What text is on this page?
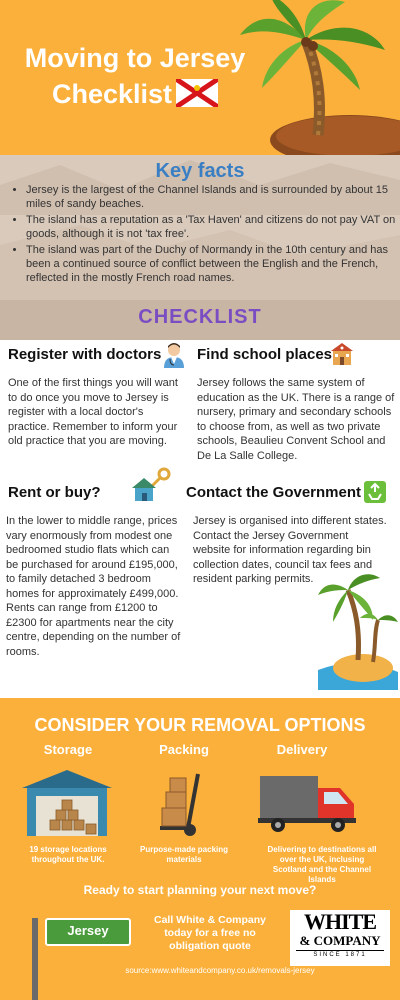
Moving to Jersey
Checklist
• Jersey is the largest of the Channel Islands and is surrounded by about 15 miles of sandy beaches.
• The island has a reputation as a 'Tax Haven' and citizens do not pay VAT on goods, although it is not 'tax free'.
• The island was part of the Duchy of Normandy in the 10th century and has been a continued source of conflict between the English and the French, reflected in the mostly French road names.
Key facts
CHECKLIST
Register with doctors
One of the first things you will want to do once you move to Jersey is register with a local doctor's practice. Remember to inform your old practice that you are moving.
Find school places
Jersey follows the same system of education as the UK. There is a range of nursery, primary and secondary schools to choose from, as well as two private schools, Beaulieu Convent School and De La Salle College.
Rent or buy?
In the lower to middle range, prices vary enormously from modest one bedroomed studio flats which can be purchased for around £195,000, to family detached 3 bedroom homes for approximately £499,000. Rents can range from £1200 to £2300 for apartments near the city centre, depending on the number of rooms.
Contact the Government
Jersey is organised into different states. Contact the Jersey Government website for information regarding bin collection dates, council tax fees and resident parking permits.
CONSIDER YOUR REMOVAL OPTIONS
Storage	Packing	Delivery
19 storage locations throughout the UK.
Purpose-made packing materials
Delivering to destinations all over the UK, inclusing Scotland and the Channel Islands
Ready to start planning your next move?
Jersey
Call White & Company today for a free no obligation quote
WHITE
& COMPANY
SINCE 1871
source:www.whiteandcompany.co.uk/removals-jersey
